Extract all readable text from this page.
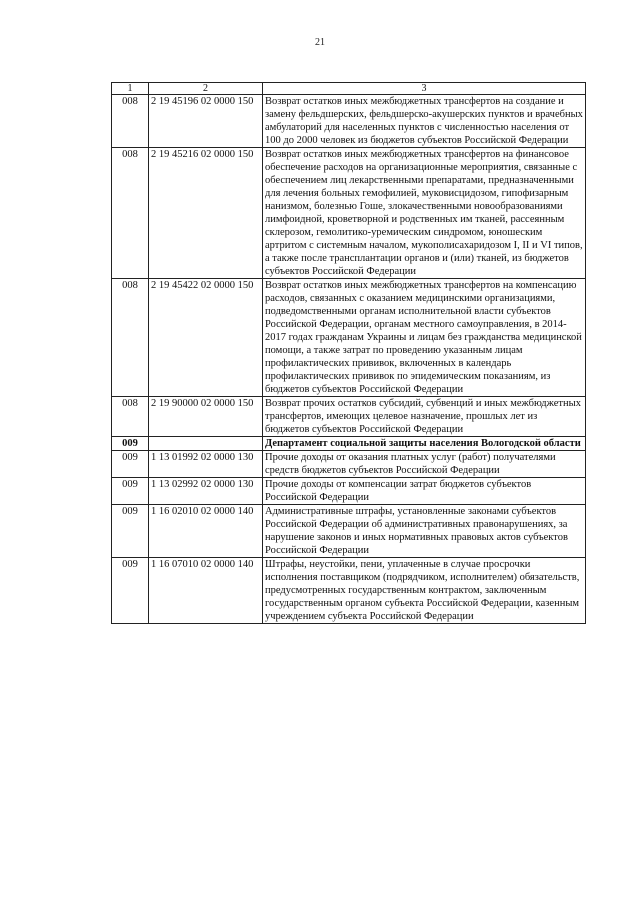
21
1	2	3
008	2 19 45196 02 0000 150	Возврат остатков иных межбюджетных трансфертов на создание и замену фельдшерских, фельдшерско-акушерских пунктов и врачебных амбулаторий для населенных пунктов с численностью населения от 100 до 2000 человек из бюджетов субъектов Российской Федерации
008	2 19 45216 02 0000 150	Возврат остатков иных межбюджетных трансфертов на финансовое обеспечение расходов на организационные мероприятия, связанные с обеспечением лиц лекарственными препаратами, предназначенными для лечения больных гемофилией, муковисцидозом, гипофизарным нанизмом, болезнью Гоше, злокачественными новообразованиями лимфоидной, кроветворной и родственных им тканей, рассеянным склерозом, гемолитико-уремическим синдромом, юношеским артритом с системным началом, мукополисахаридозом I, II и VI типов, а также после трансплантации органов и (или) тканей, из бюджетов субъектов Российской Федерации
008	2 19 45422 02 0000 150	Возврат остатков иных межбюджетных трансфертов на компенсацию расходов, связанных с оказанием медицинскими организациями, подведомственными органам исполнительной власти субъектов Российской Федерации, органам местного самоуправления, в 2014-2017 годах гражданам Украины и лицам без гражданства медицинской помощи, а также затрат по проведению указанным лицам профилактических прививок, включенных в календарь профилактических прививок по эпидемическим показаниям, из бюджетов субъектов Российской Федерации
008	2 19 90000 02 0000 150	Возврат прочих остатков субсидий, субвенций и иных межбюджетных трансфертов, имеющих целевое назначение, прошлых лет из бюджетов субъектов Российской Федерации
009		Департамент социальной защиты населения Вологодской области
009	1 13 01992 02 0000 130	Прочие доходы от оказания платных услуг (работ) получателями средств бюджетов субъектов Российской Федерации
009	1 13 02992 02 0000 130	Прочие доходы от компенсации затрат бюджетов субъектов Российской Федерации
009	1 16 02010 02 0000 140	Административные штрафы, установленные законами субъектов Российской Федерации об административных правонарушениях, за нарушение законов и иных нормативных правовых актов субъектов Российской Федерации
009	1 16 07010 02 0000 140	Штрафы, неустойки, пени, уплаченные в случае просрочки исполнения поставщиком (подрядчиком, исполнителем) обязательств, предусмотренных государственным контрактом, заключенным государственным органом субъекта Российской Федерации, казенным учреждением субъекта Российской Федерации
